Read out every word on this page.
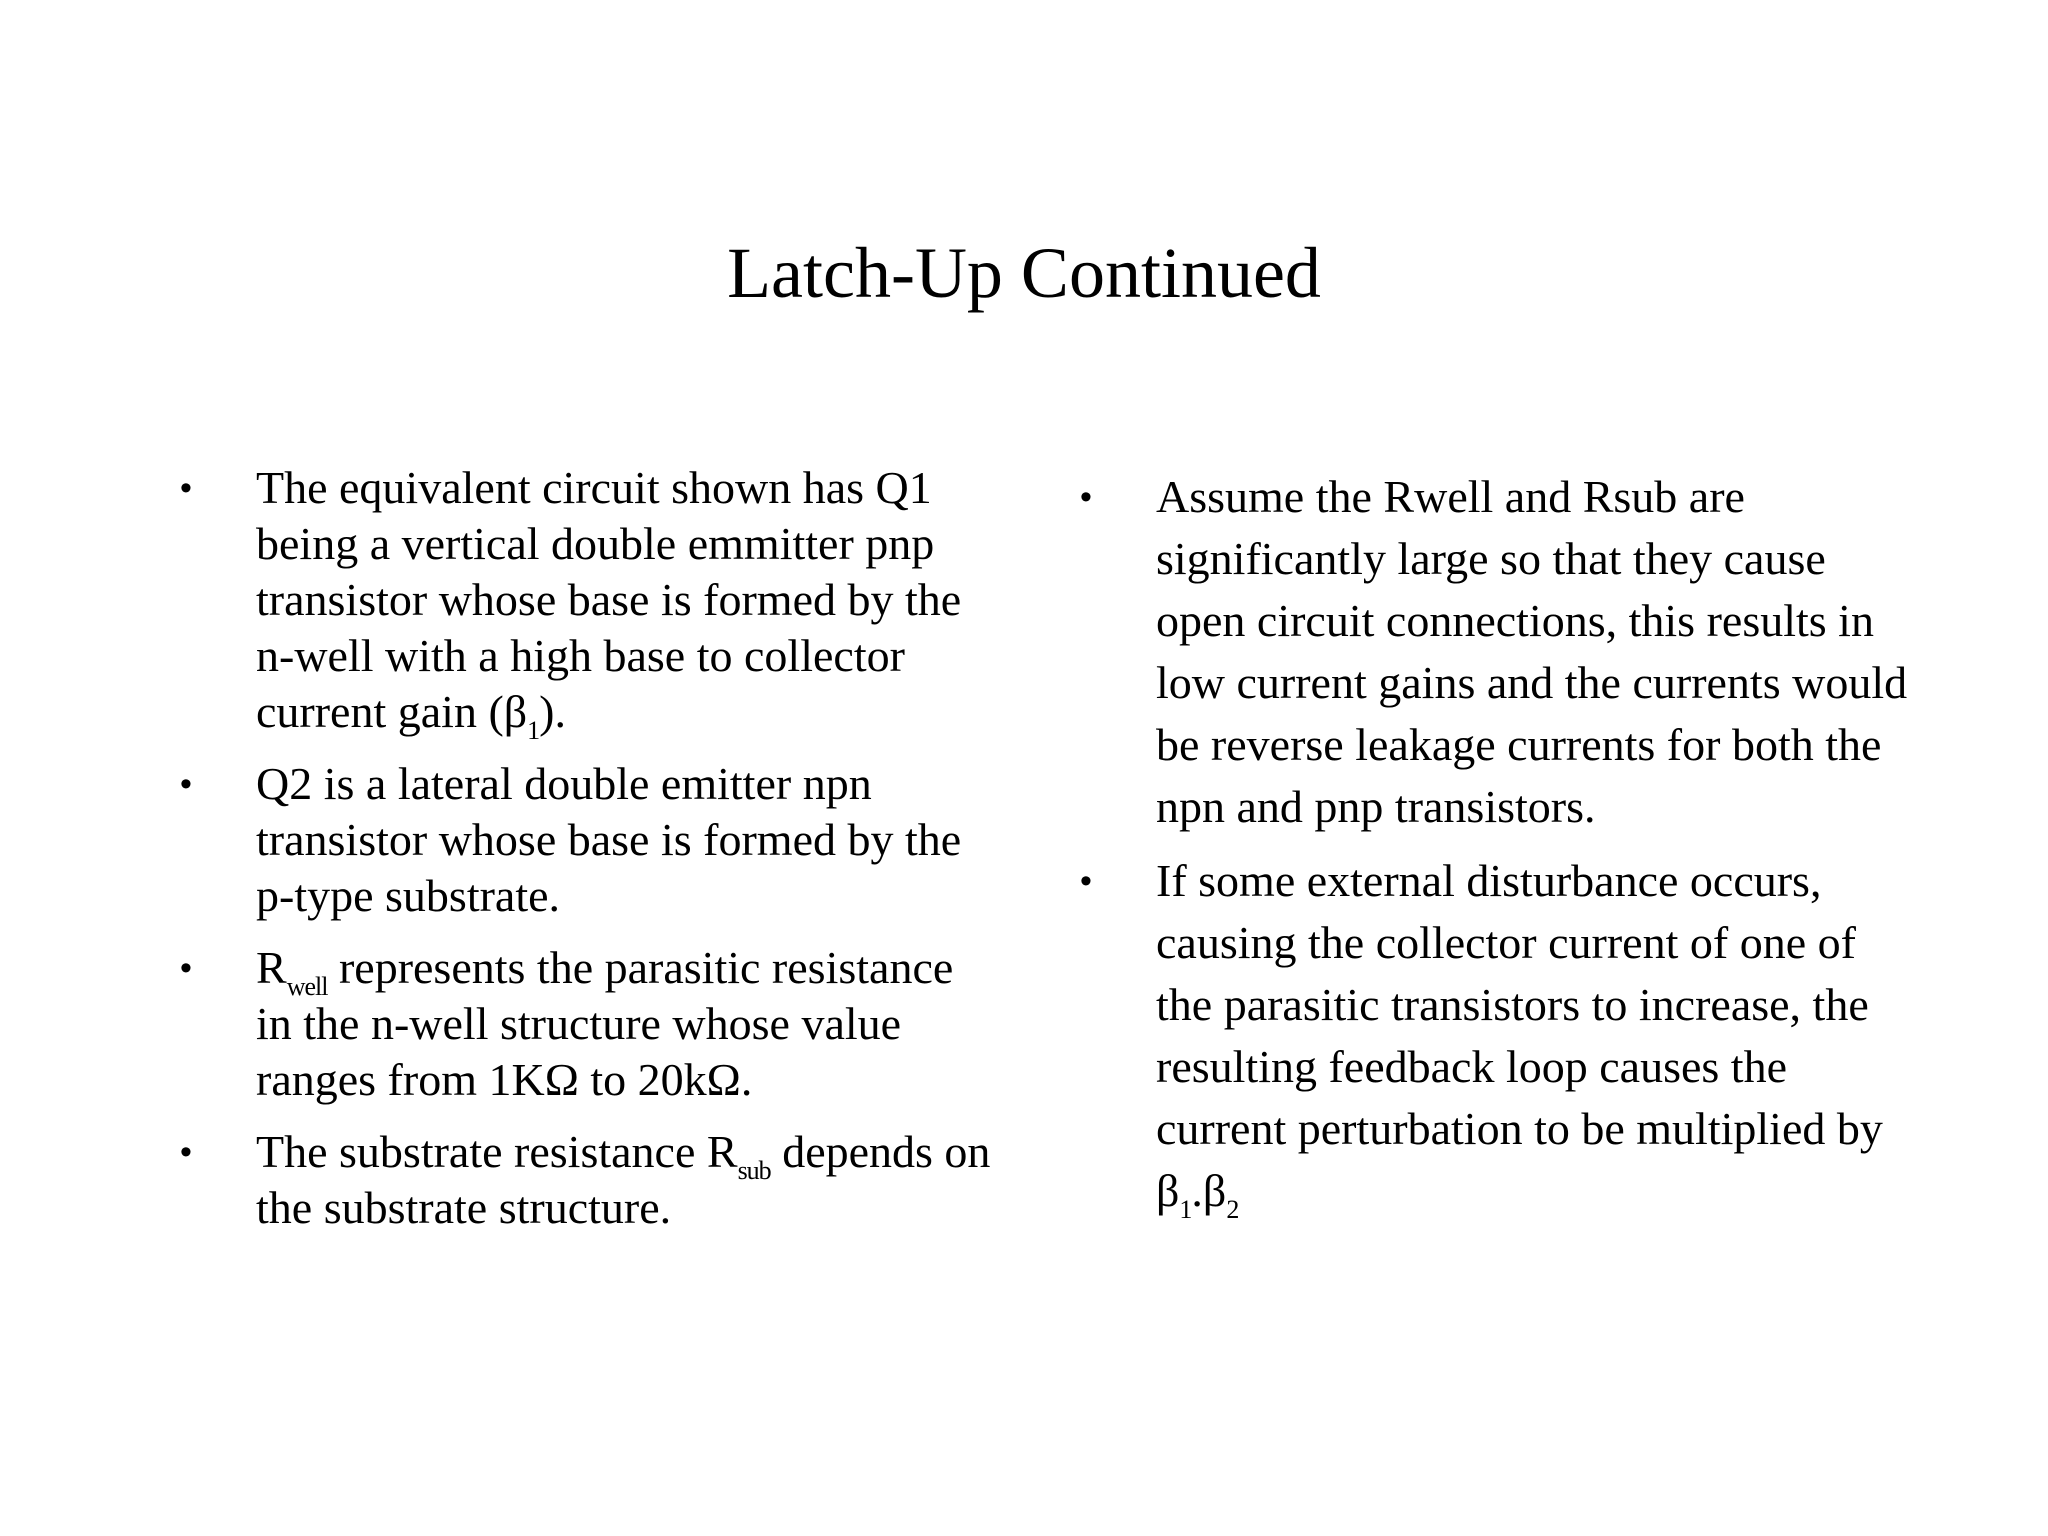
Latch-Up Continued
• The equivalent circuit shown has Q1 being a vertical double emmitter pnp transistor whose base is formed by the n-well with a high base to collector current gain $(\beta_1)$.
• Q2 is a lateral double emitter npn transistor whose base is formed by the p-type substrate.
• $R_{well}$ represents the parasitic resistance in the n-well structure whose value ranges from 1KΩ to 20kΩ.
• The substrate resistance $R_{sub}$ depends on the substrate structure.
• Assume the Rwell and Rsub are significantly large so that they cause open circuit connections, this results in low current gains and the currents would be reverse leakage currents for both the npn and pnp transistors.
• If some external disturbance occurs, causing the collector current of one of the parasitic transistors to increase, the resulting feedback loop causes the current perturbation to be multiplied by $\beta_1.\beta_2$
